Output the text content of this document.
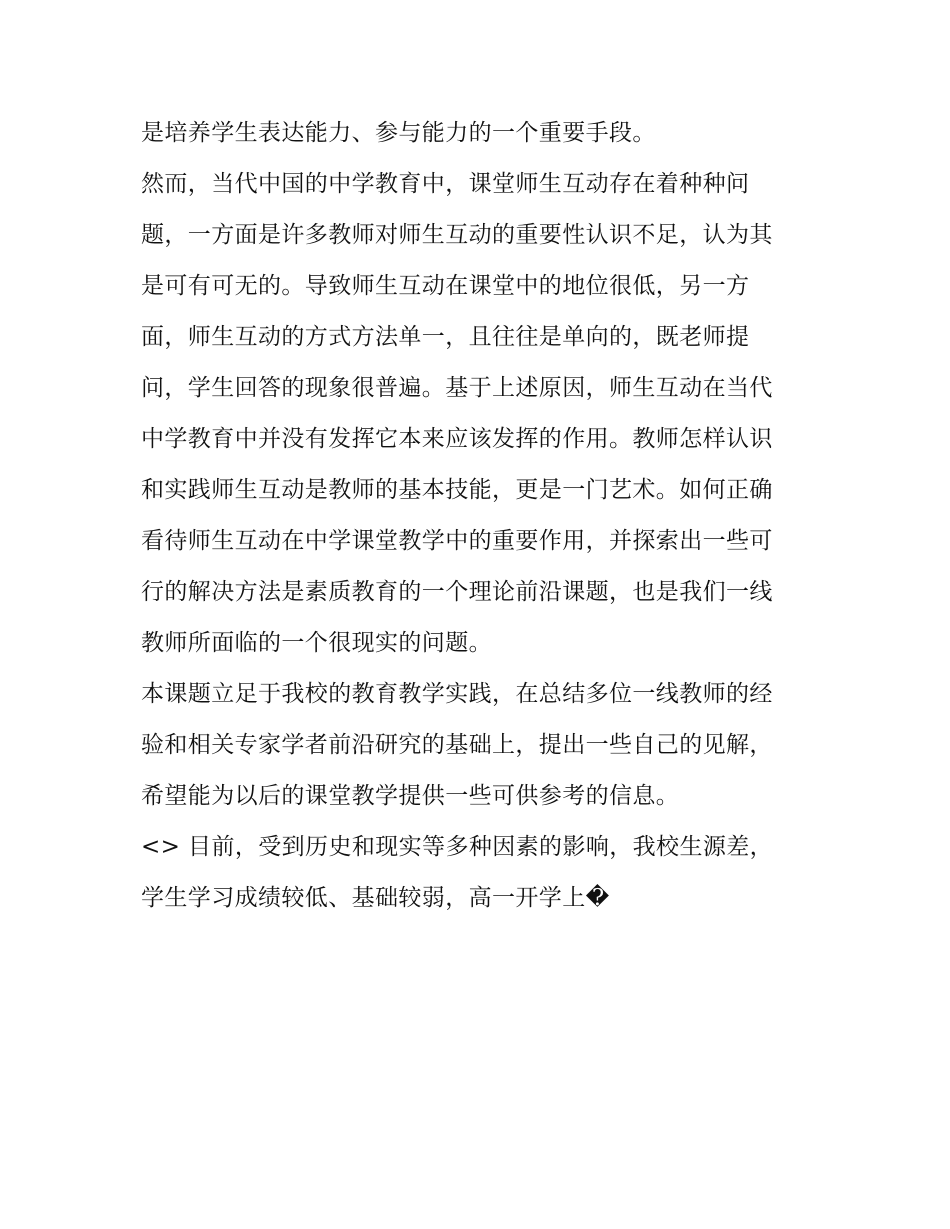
是培养学生表达能力、参与能力的一个重要手段。
然而，当代中国的中学教育中，课堂师生互动存在着种种问
题，一方面是许多教师对师生互动的重要性认识不足，认为其
是可有可无的。导致师生互动在课堂中的地位很低，另一方
面，师生互动的方式方法单一，且往往是单向的，既老师提
问，学生回答的现象很普遍。基于上述原因，师生互动在当代
中学教育中并没有发挥它本来应该发挥的作用。教师怎样认识
和实践师生互动是教师的基本技能，更是一门艺术。如何正确
看待师生互动在中学课堂教学中的重要作用，并探索出一些可
行的解决方法是素质教育的一个理论前沿课题，也是我们一线
教师所面临的一个很现实的问题。
本课题立足于我校的教育教学实践，在总结多位一线教师的经
验和相关专家学者前沿研究的基础上，提出一些自己的见解，
希望能为以后的课堂教学提供一些可供参考的信息。
<> 目前，受到历史和现实等多种因素的影响，我校生源差，
学生学习成绩较低、基础较弱，高一开学上�
